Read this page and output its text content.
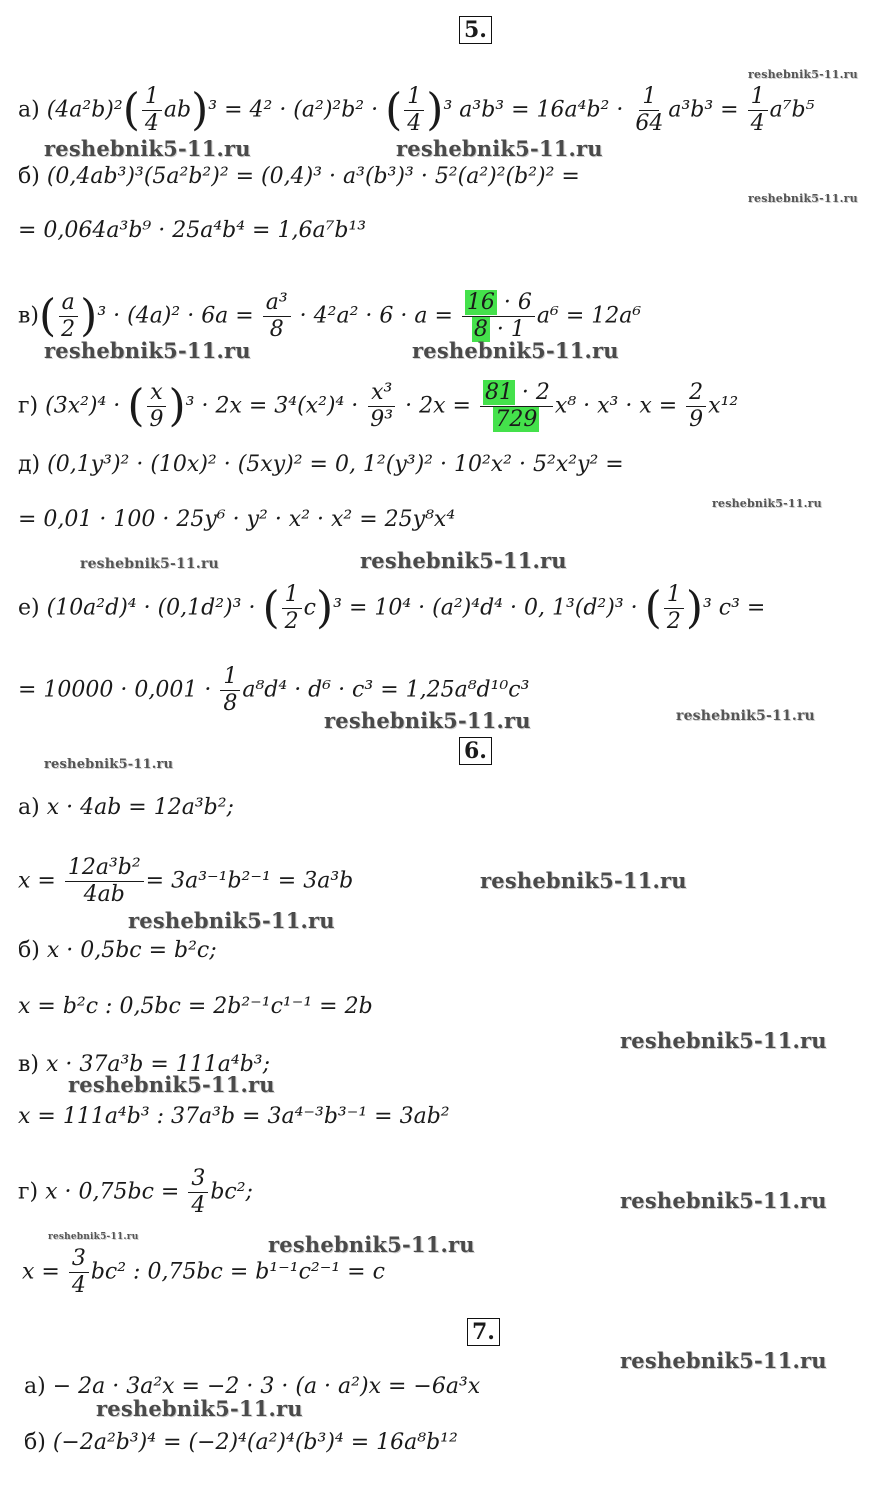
5.
а) $(4a^2b)^2( \frac{1}{4} ab)^3 = 4^2 \cdot (a^2)^2b^2$ · ( $\frac{1}{4} )^3$ $a^3b^3 = 16a^4b^2 \cdot \frac{1}{64} a^3b^3 = \frac{1}{4} a^7b^5$
б) (0,4ab³)³(5a²b²)² = (0,4)³ · a³(b³)³ · 5²(a²)²(b²)² =
= 0,064a³b⁹ · 25a⁴b⁴ = 1,6a⁷b¹³
$в)( \frac{a}{2} )^3 \cdot (4a)^2 \cdot 6a = \frac{\text{a³}}{8} \cdot 4^2a^2 \cdot 6 \cdot a = \frac{16 \cdot 6}{8 \cdot 1} a^6 = 12a^6$
г) (3x²)⁴ · ( $\frac{x}{9} )^3 \cdot 2x = 3^4(x^2)^4 \cdot \frac{\text{x³}}{\text{9³}} \cdot 2x = \frac{81 \cdot 2}{729} x^8 \cdot x^3 \cdot x = \frac{2}{9} x^{12}$
д) (0,1y³)² · (10x)² · (5xy)² = 0, 1²(y³)² · 10²x² · 5²x²y² =
= 0,01 · 100 · 25y⁶ · y² · x² · x² = 25y⁸x⁴
е) (10a²d)⁴ · (0,1d²)³ · ( $\frac{1}{2} c)^3 = 10^4 \cdot (a^2)^4d^4 \cdot 0$, 1³(d²)³ · ( $\frac{1}{2} )^3$ c³ =
= $10000 \cdot 0,001 \cdot \frac{1}{8} a^8d^4 \cdot d^6 \cdot c^3 = 1,25a^8d^{10}c^3$
6.
а) x · 4ab = 12a³b²;
$x = \frac{\text{12a³b²}}{4ab} = 3a^{3-1}b^{2-1} = 3a^3b$
б) x · 0,5bc = b²c;
x = b²c : 0,5bc = 2b²⁻¹c¹⁻¹ = 2b
в) x · 37a³b = 111a⁴b³;
x = 111a⁴b³ : 37a³b = 3a⁴⁻³b³⁻¹ = 3ab²
г) $x \cdot 0,75bc = \frac{3}{4} bc^2$;
$x = \frac{3}{4} bc^2$ : 0,75bc = b¹⁻¹c²⁻¹ = c
7.
а) − 2a · 3a²x = −2 · 3 · (a · a²)x = −6a³x
б) (−2a²b³)⁴ = (−2)⁴(a²)⁴(b³)⁴ = 16a⁸b¹²
reshebnik5-11.ru
reshebnik5-11.ru	reshebnik5-11.ru
reshebnik5-11.ru
reshebnik5-11.ru	reshebnik5-11.ru
reshebnik5-11.ru
reshebnik5-11.ru	reshebnik5-11.ru
reshebnik5-11.ru	reshebnik5-11.ru
reshebnik5-11.ru
reshebnik5-11.ru
reshebnik5-11.ru
reshebnik5-11.ru
reshebnik5-11.ru
reshebnik5-11.ru
reshebnik5-11.ru	reshebnik5-11.ru
reshebnik5-11.ru
reshebnik5-11.ru
